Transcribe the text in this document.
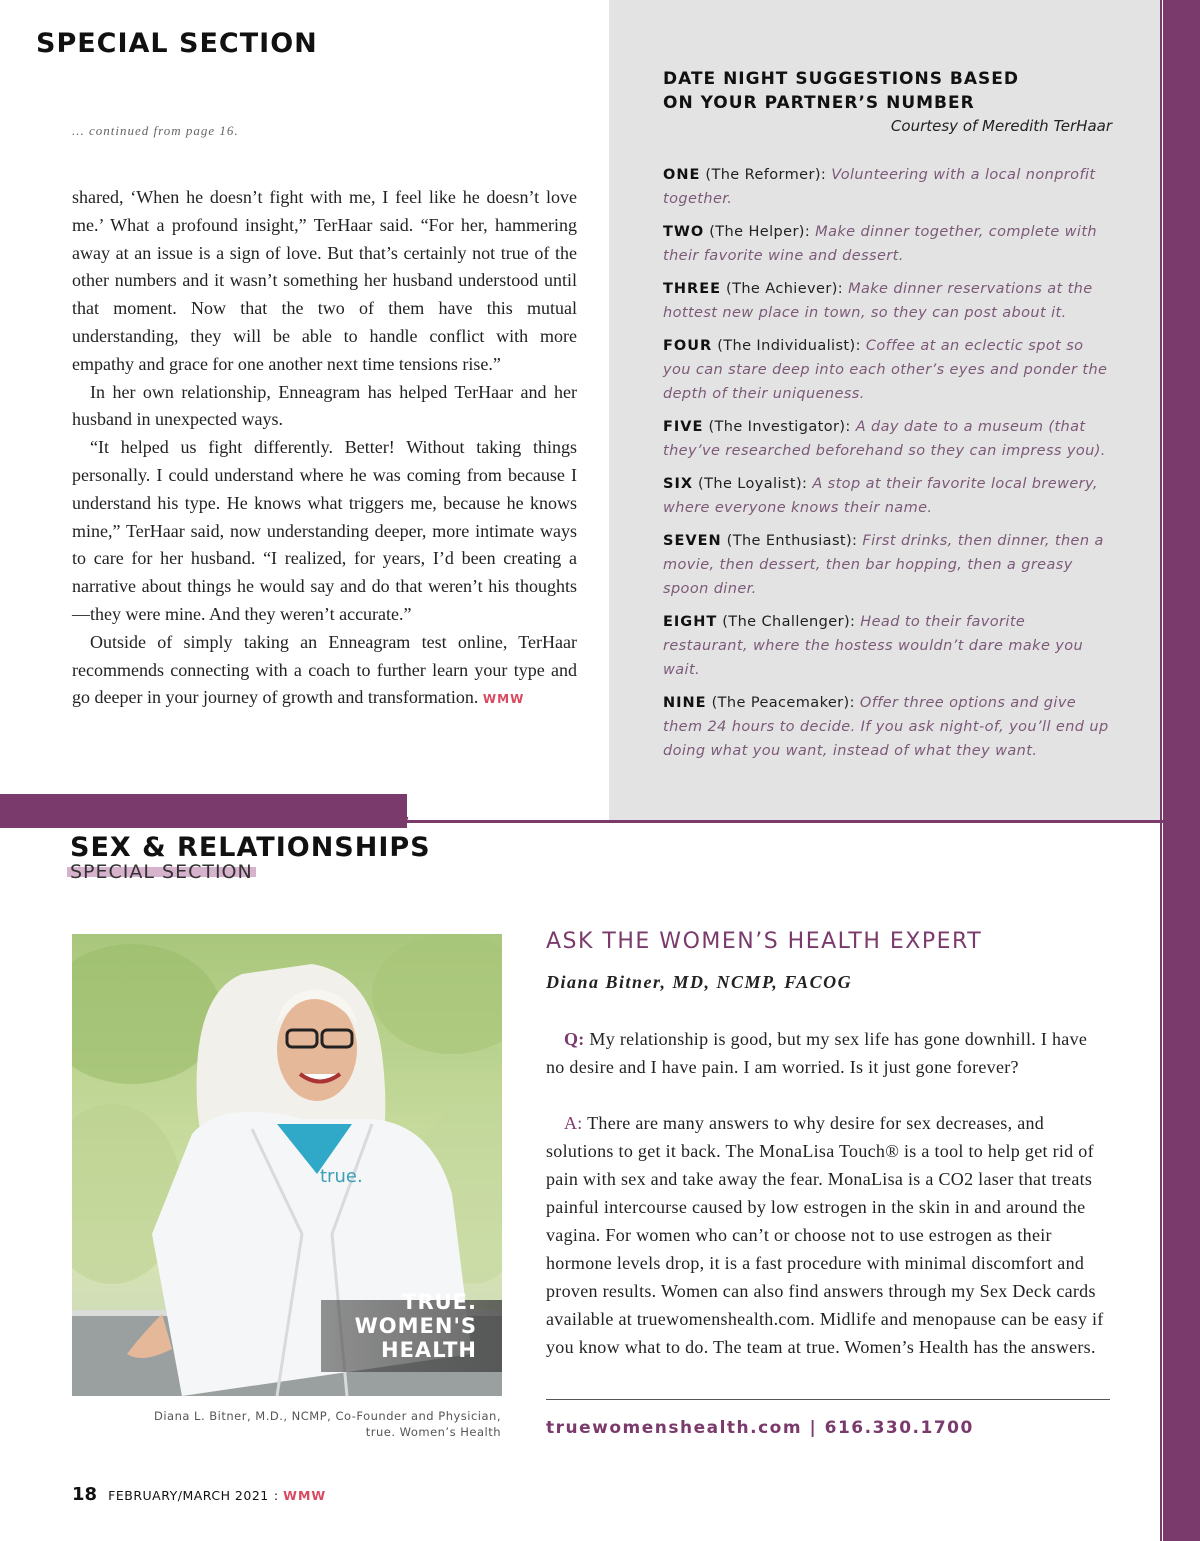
SPECIAL SECTION
... continued from page 16.

shared, ‘When he doesn’t fight with me, I feel like he doesn’t love me.’ What a profound insight,” TerHaar said. “For her, hammering away at an issue is a sign of love. But that’s certainly not true of the other numbers and it wasn’t something her husband understood until that moment. Now that the two of them have this mutual understanding, they will be able to handle conflict with more empathy and grace for one another next time tensions rise.”

In her own relationship, Enneagram has helped TerHaar and her husband in unexpected ways.

“It helped us fight differently. Better! Without taking things personally. I could understand where he was coming from because I understand his type. He knows what triggers me, because he knows mine,” TerHaar said, now understanding deeper, more intimate ways to care for her husband. “I realized, for years, I’d been creating a narrative about things he would say and do that weren’t his thoughts—they were mine. And they weren’t accurate.”

Outside of simply taking an Enneagram test online, TerHaar recommends connecting with a coach to further learn your type and go deeper in your journey of growth and transformation. WMW

DATE NIGHT SUGGESTIONS BASED
ON YOUR PARTNER’S NUMBER
Courtesy of Meredith TerHaar
ONE (The Reformer): Volunteering with a local nonprofit together.
TWO (The Helper): Make dinner together, complete with their favorite wine and dessert.
THREE (The Achiever): Make dinner reservations at the hottest new place in town, so they can post about it.
FOUR (The Individualist): Coffee at an eclectic spot so you can stare deep into each other’s eyes and ponder the depth of their uniqueness.
FIVE (The Investigator): A day date to a museum (that they’ve researched beforehand so they can impress you).
SIX (The Loyalist): A stop at their favorite local brewery, where everyone knows their name.
SEVEN (The Enthusiast): First drinks, then dinner, then a movie, then dessert, then bar hopping, then a greasy spoon diner.
EIGHT (The Challenger): Head to their favorite restaurant, where the hostess wouldn’t dare make you wait.
NINE (The Peacemaker): Offer three options and give them 24 hours to decide. If you ask night-of, you’ll end up doing what you want, instead of what they want.
+
SEX & RELATIONSHIPS
SPECIAL SECTION
true.
TRUE.
WOMEN'S
HEALTH
Diana L. Bitner, M.D., NCMP, Co-Founder and Physician,
true. Women’s Health
ASK THE WOMEN’S HEALTH EXPERT
Diana Bitner, MD, NCMP, FACOG

Q: My relationship is good, but my sex life has gone downhill. I have no desire and I have pain. I am worried. Is it just gone forever?

A: There are many answers to why desire for sex decreases, and solutions to get it back. The MonaLisa Touch® is a tool to help get rid of pain with sex and take away the fear. MonaLisa is a CO2 laser that treats painful intercourse caused by low estrogen in the skin in and around the vagina. For women who can’t or choose not to use estrogen as their hormone levels drop, it is a fast procedure with minimal discomfort and proven results. Women can also find answers through my Sex Deck cards available at truewomenshealth.com. Midlife and menopause can be easy if you know what to do. The team at true. Women’s Health has the answers.

truewomenshealth.com | 616.330.1700
18 FEBRUARY/MARCH 2021 : WMW
